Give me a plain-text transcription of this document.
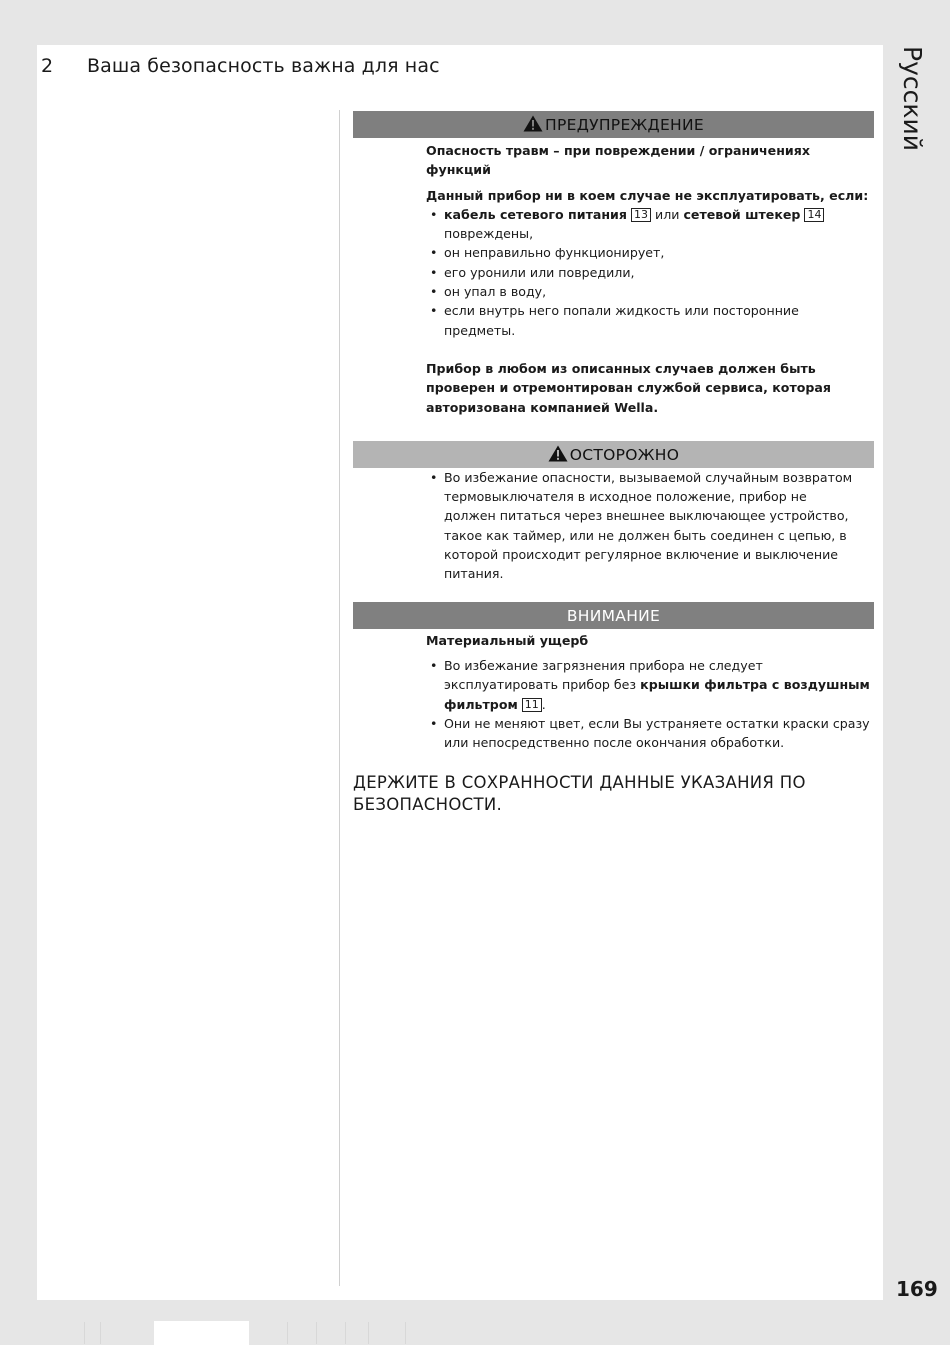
2 Ваша безопасность важна для нас
ПРЕДУПРЕЖДЕНИЕ
Опасность травм – при повреждении / ограничениях функций
Данный прибор ни в коем случае не эксплуатировать, если:
• кабель сетевого питания 13 или сетевой штекер 14
повреждены,
• он неправильно функционирует,
• его уронили или повредили,
• он упал в воду,
• если внутрь него попали жидкость или посторонние предметы.
Прибор в любом из описанных случаев должен быть проверен и отремонтирован службой сервиса, которая авторизована компанией Wella.
ОСТОРОЖНО
• Во избежание опасности, вызываемой случайным возвратом термовыключателя в исходное положение, прибор не должен питаться через внешнее выключающее устройство, такое как таймер, или не должен быть соединен с цепью, в которой происходит регулярное включение и выключение питания.
ВНИМАНИЕ
Материальный ущерб
• Во избежание загрязнения прибора не следует эксплуатировать прибор без крышки фильтра с воздушным фильтром 11 .
• Они не меняют цвет, если Вы устраняете остатки краски сразу или непосредственно после окончания обработки.
ДЕРЖИТЕ В СОХРАННОСТИ ДАННЫЕ УКАЗАНИЯ ПО БЕЗОПАСНОСТИ.
Русский
169
